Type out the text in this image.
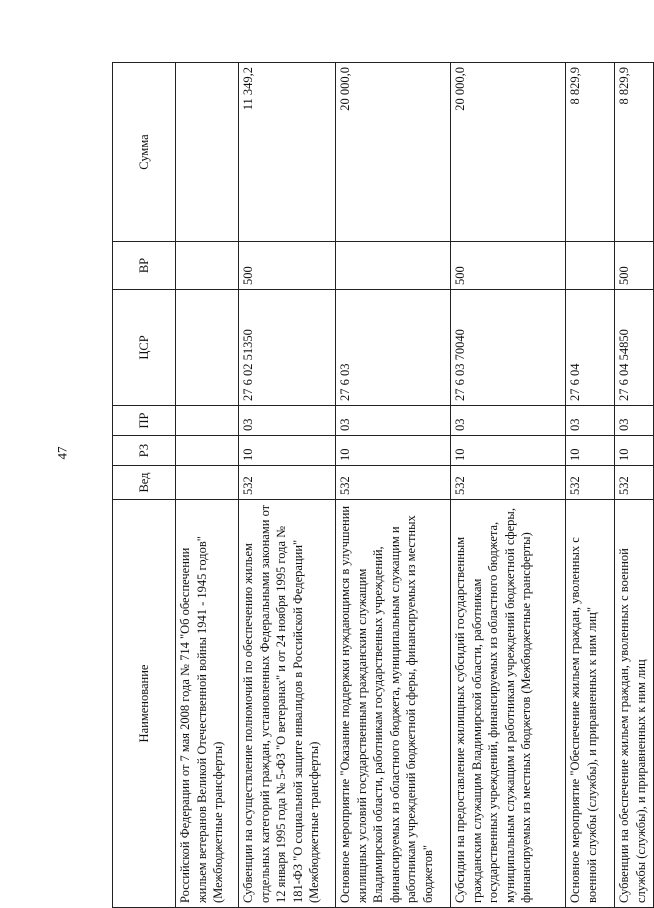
47
Наименование	Вед	РЗ	ПР	ЦСР	ВР	Сумма
Российской Федерации от 7 мая 2008 года № 714 "Об обеспечении жильем ветеранов Великой Отечественной войны 1941 - 1945 годов" (Межбюджетные трансферты)						
Субвенции на осуществление полномочий по обеспечению жильем отдельных категорий граждан, установленных Федеральными законами от 12 января 1995 года № 5-ФЗ "О ветеранах" и от 24 ноября 1995 года № 181-ФЗ "О социальной защите инвалидов в Российской Федерации" (Межбюджетные трансферты)	532	10	03	27 6 02 51350	500	11 349,2
Основное мероприятие "Оказание поддержки нуждающимся в улучшении жилищных условий государственным гражданским служащим Владимирской области, работникам государственных учреждений, финансируемых из областного бюджета, муниципальным служащим и работникам учреждений бюджетной сферы, финансируемых из местных бюджетов"	532	10	03	27 6 03		20 000,0
Субсидии на предоставление жилищных субсидий государственным гражданским служащим Владимирской области, работникам государственных учреждений, финансируемых из областного бюджета, муниципальным служащим и работникам учреждений бюджетной сферы, финансируемых из местных бюджетов (Межбюджетные трансферты)	532	10	03	27 6 03 70040	500	20 000,0
Основное мероприятие "Обеспечение жильем граждан, уволенных с военной службы (службы), и приравненных к ним лиц"	532	10	03	27 6 04		8 829,9
Субвенции на обеспечение жильем граждан, уволенных с военной службы (службы), и приравненных к ним лиц	532	10	03	27 6 04 54850	500	8 829,9
